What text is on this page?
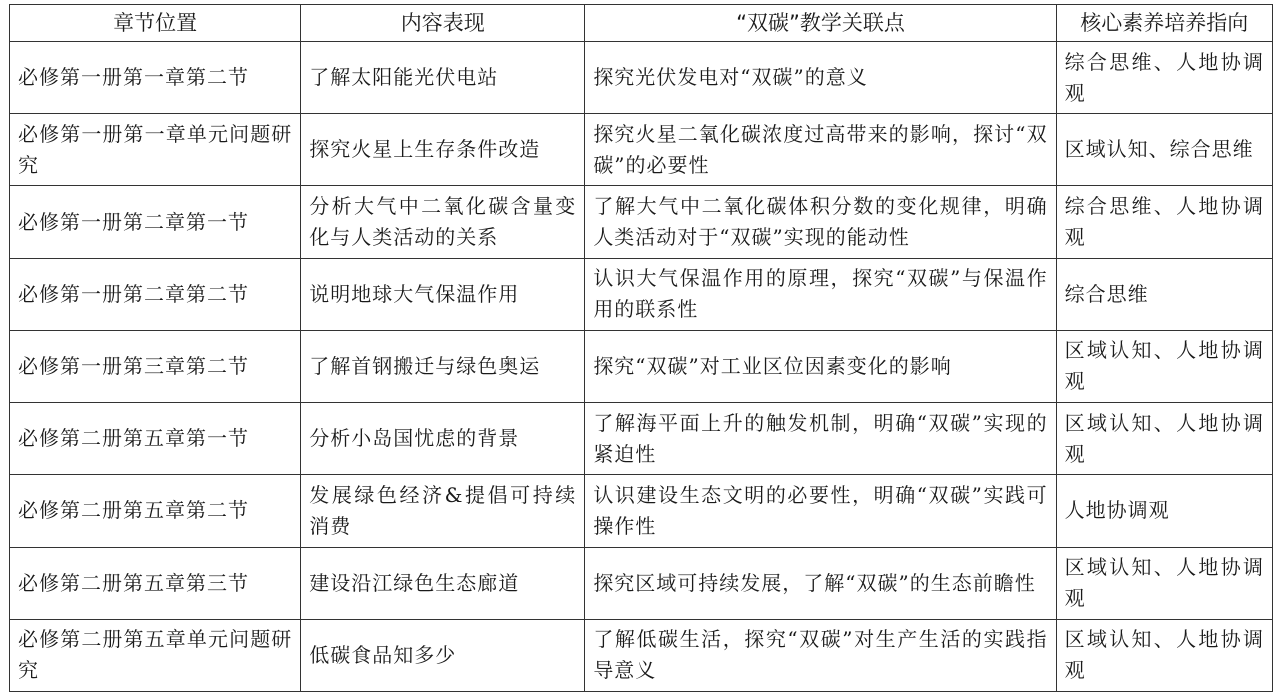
章节位置	内容表现	“双碳”教学关联点	核心素养培养指向
必修第一册第一章第二节	了解太阳能光伏电站	探究光伏发电对“双碳”的意义	综合思维、人地协调观
必修第一册第一章单元问题研究	探究火星上生存条件改造	探究火星二氧化碳浓度过高带来的影响，探讨“双碳”的必要性	区域认知、综合思维
必修第一册第二章第一节	分析大气中二氧化碳含量变化与人类活动的关系	了解大气中二氧化碳体积分数的变化规律，明确人类活动对于“双碳”实现的能动性	综合思维、人地协调观
必修第一册第二章第二节	说明地球大气保温作用	认识大气保温作用的原理，探究“双碳”与保温作用的联系性	综合思维
必修第一册第三章第二节	了解首钢搬迁与绿色奥运	探究“双碳”对工业区位因素变化的影响	区域认知、人地协调观
必修第二册第五章第一节	分析小岛国忧虑的背景	了解海平面上升的触发机制，明确“双碳”实现的紧迫性	区域认知、人地协调观
必修第二册第五章第二节	发展绿色经济&提倡可持续消费	认识建设生态文明的必要性，明确“双碳”实践可操作性	人地协调观
必修第二册第五章第三节	建设沿江绿色生态廊道	探究区域可持续发展，了解“双碳”的生态前瞻性	区域认知、人地协调观
必修第二册第五章单元问题研究	低碳食品知多少	了解低碳生活，探究“双碳”对生产生活的实践指导意义	区域认知、人地协调观
